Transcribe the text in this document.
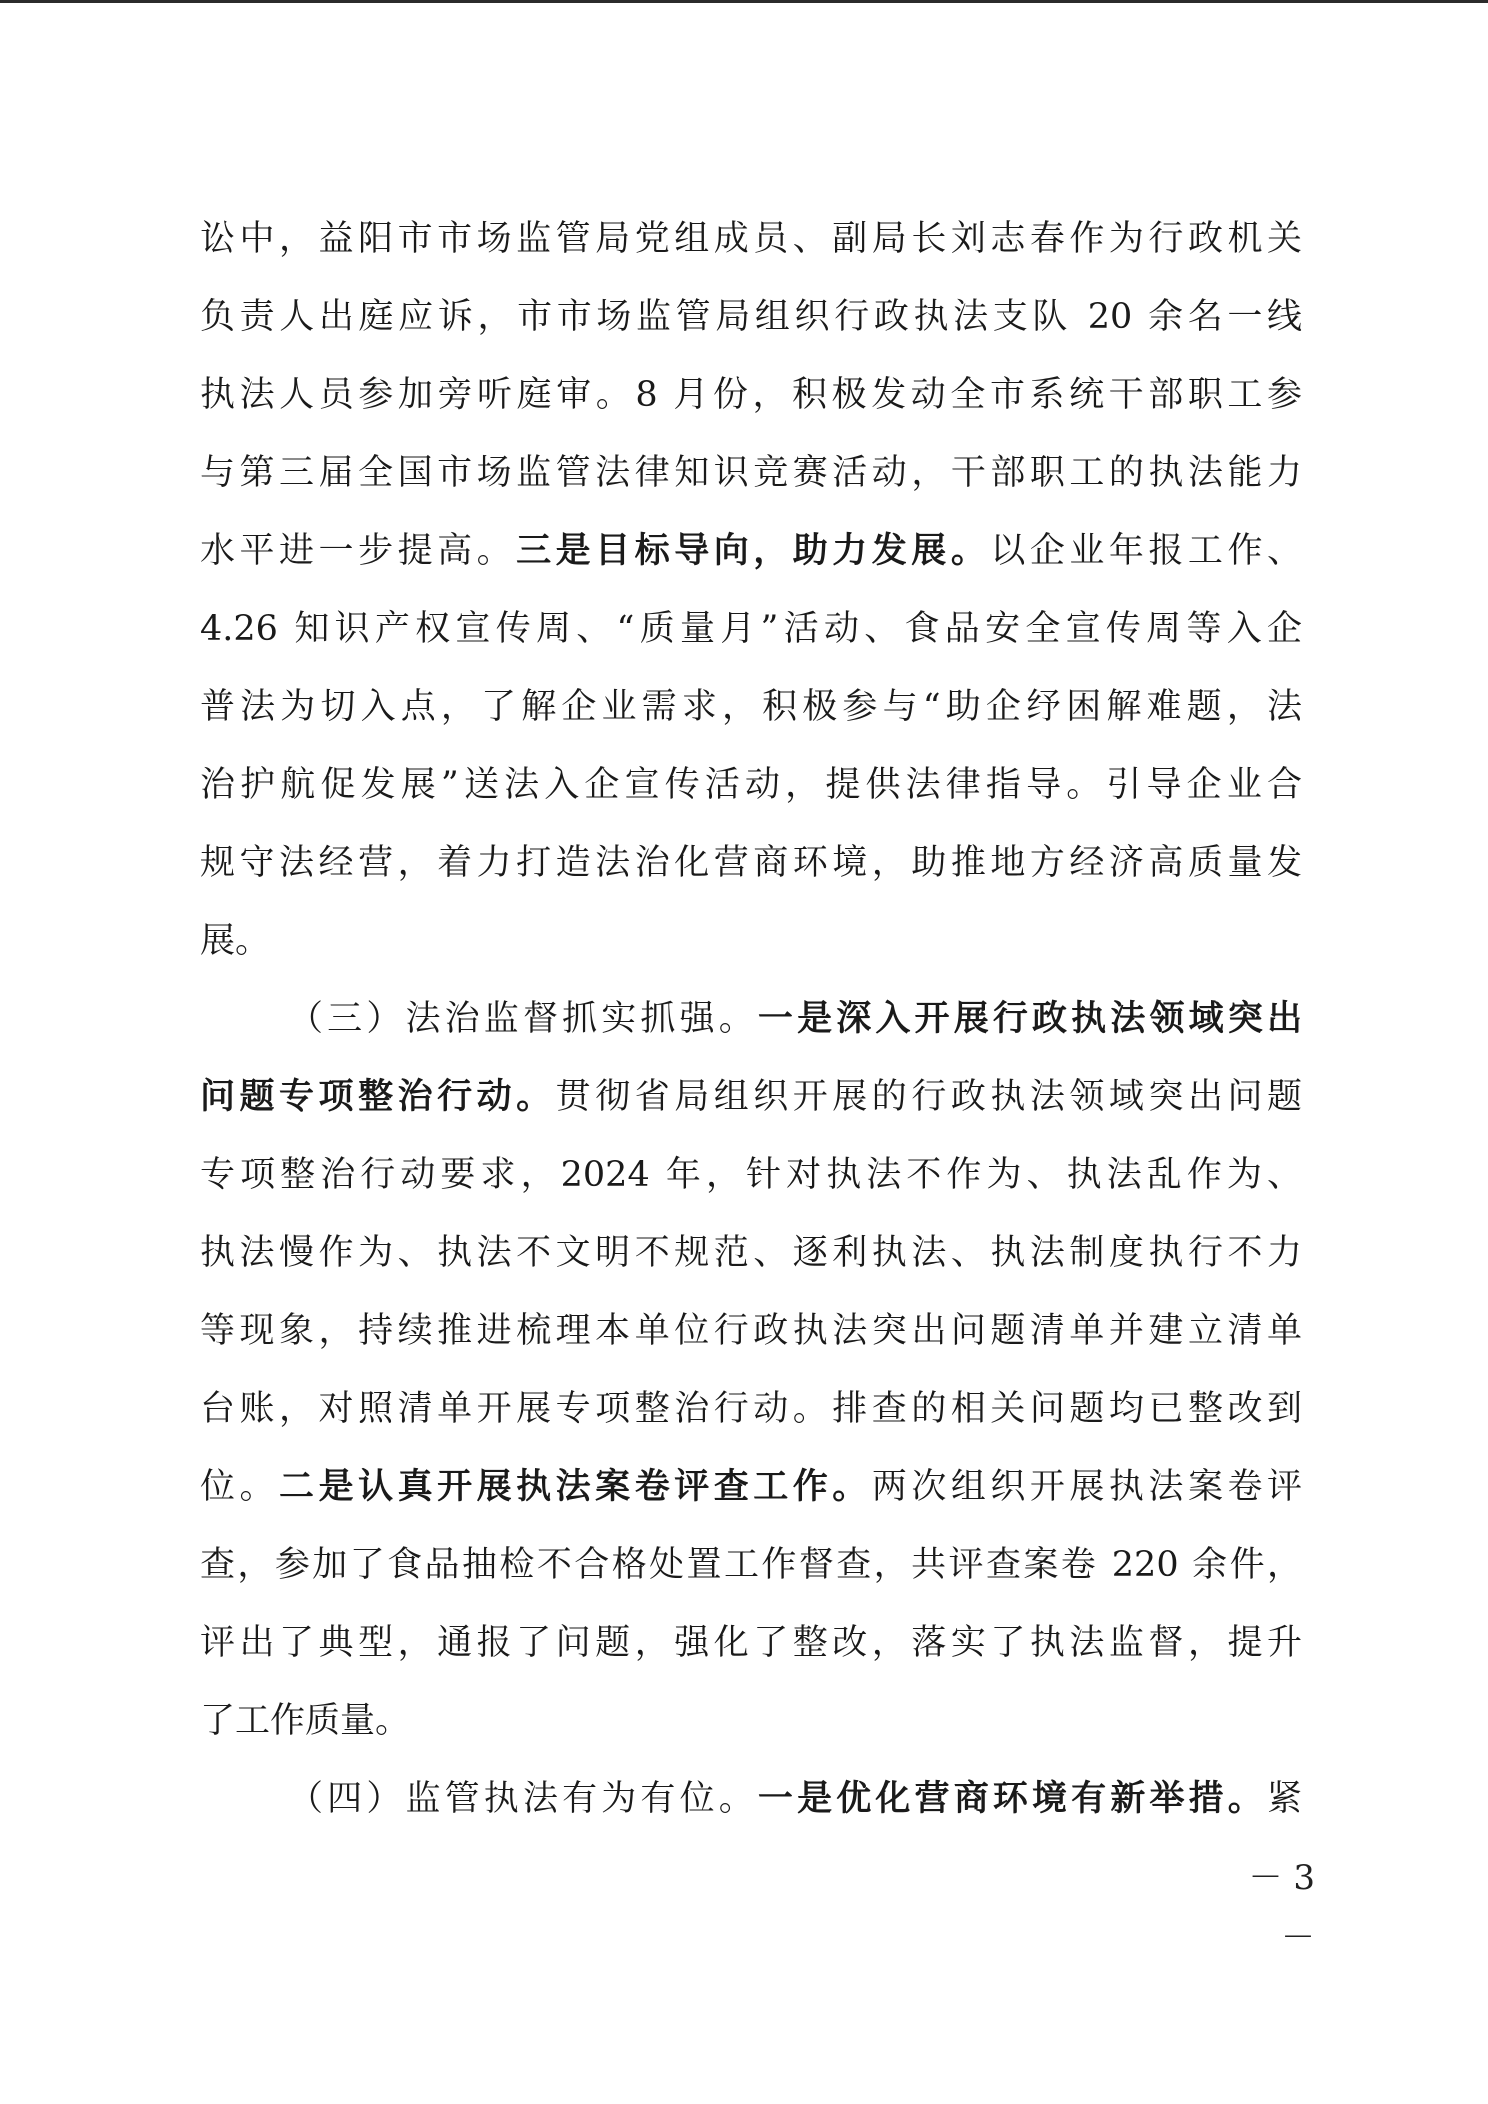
讼中，益阳市市场监管局党组成员、副局长刘志春作为行政机关
负责人出庭应诉，市市场监管局组织行政执法支队 20 余名一线
执法人员参加旁听庭审。8 月份，积极发动全市系统干部职工参
与第三届全国市场监管法律知识竞赛活动，干部职工的执法能力
水平进一步提高。三是目标导向，助力发展。以企业年报工作、
4.26 知识产权宣传周、“质量月”活动、食品安全宣传周等入企
普法为切入点，了解企业需求，积极参与“助企纾困解难题，法
治护航促发展”送法入企宣传活动，提供法律指导。引导企业合
规守法经营，着力打造法治化营商环境，助推地方经济高质量发
展。
（三）法治监督抓实抓强。一是深入开展行政执法领域突出
问题专项整治行动。贯彻省局组织开展的行政执法领域突出问题
专项整治行动要求，2024 年，针对执法不作为、执法乱作为、
执法慢作为、执法不文明不规范、逐利执法、执法制度执行不力
等现象，持续推进梳理本单位行政执法突出问题清单并建立清单
台账，对照清单开展专项整治行动。排查的相关问题均已整改到
位。二是认真开展执法案卷评查工作。两次组织开展执法案卷评
查，参加了食品抽检不合格处置工作督查，共评查案卷 220 余件，
评出了典型，通报了问题，强化了整改，落实了执法监督，提升
了工作质量。
（四）监管执法有为有位。一是优化营商环境有新举措。紧
－ 3 －
